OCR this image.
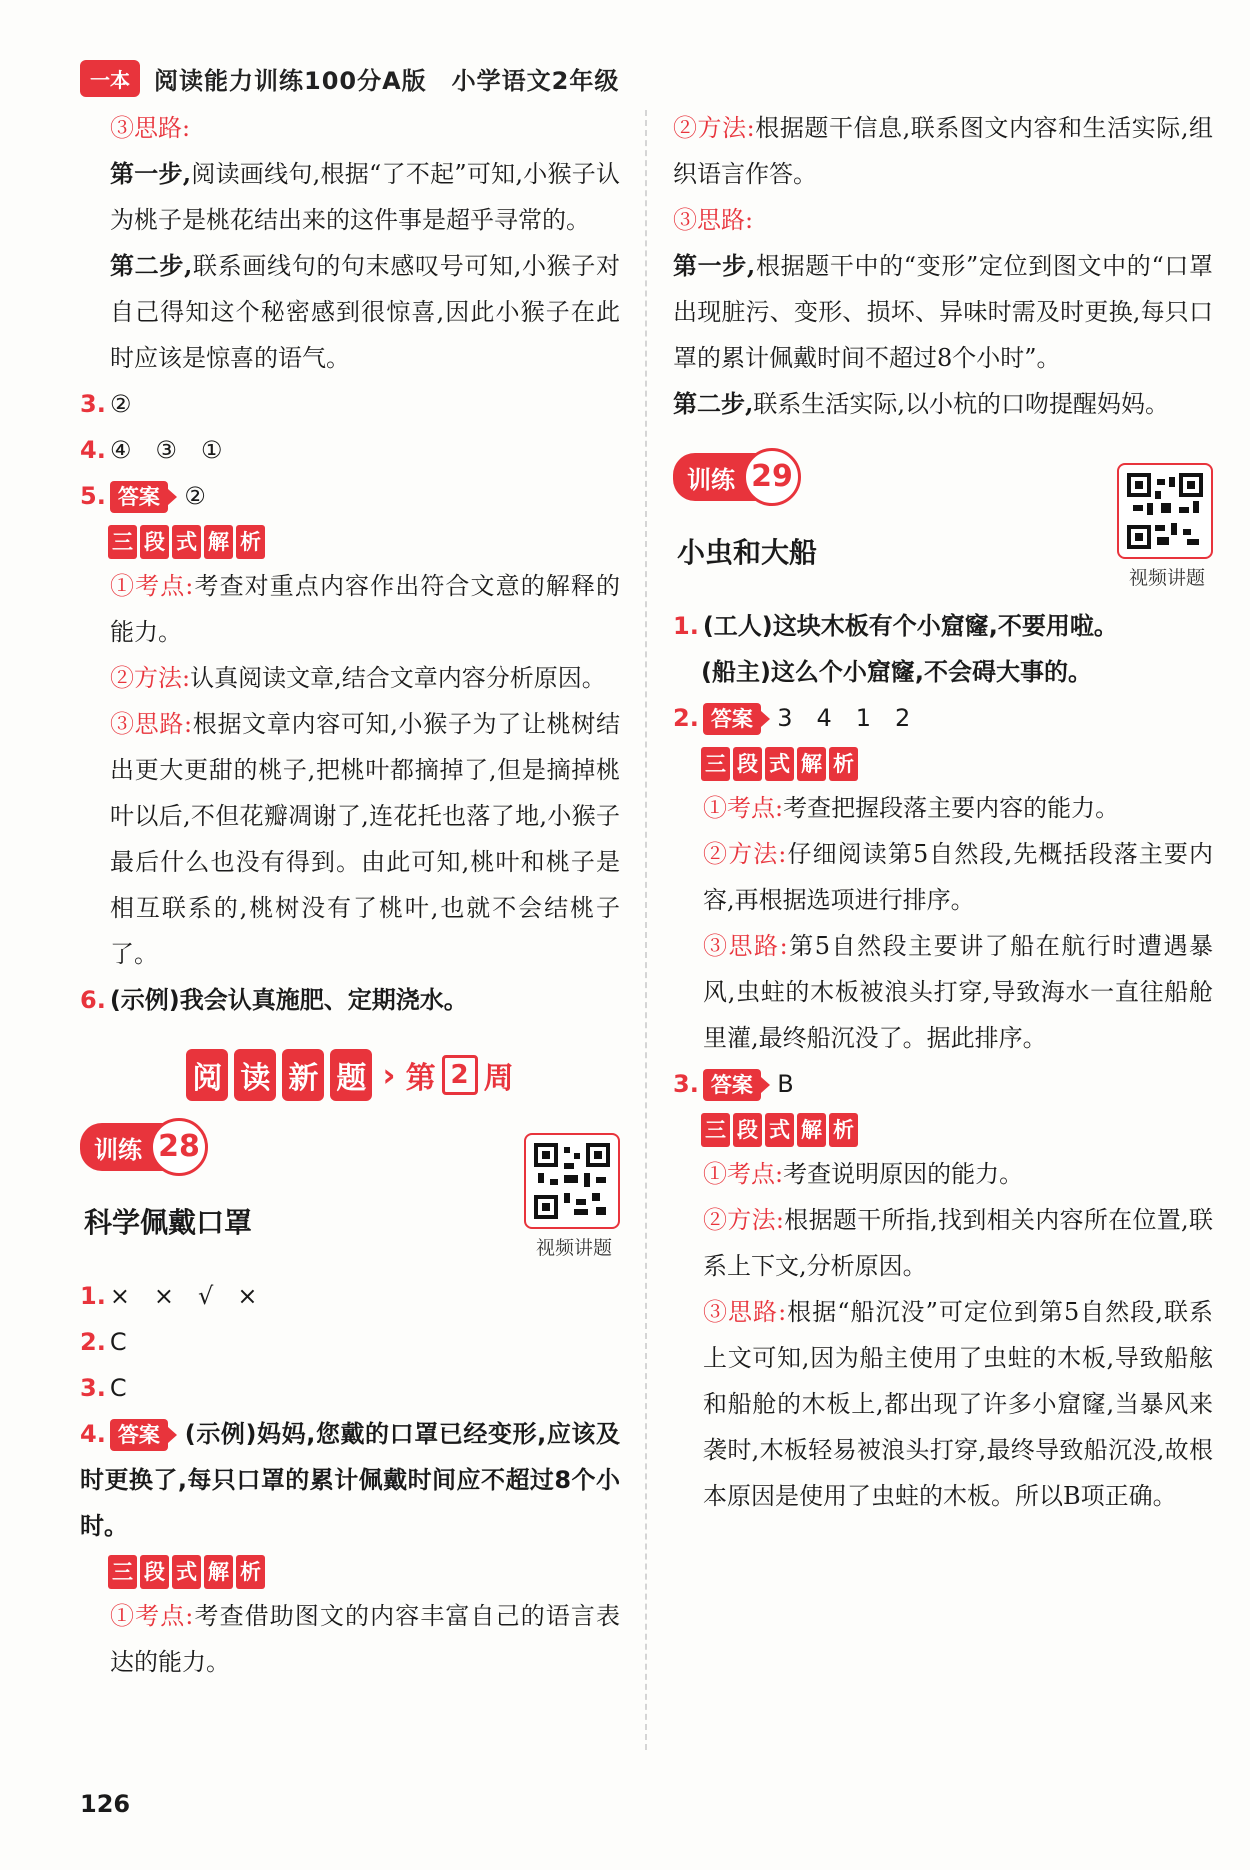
一本	阅读能力训练100分A版　小学语文2年级

③思路:

第一步,阅读画线句,根据“了不起”可知,小猴子认为桃子是桃花结出来的这件事是超乎寻常的。

第二步,联系画线句的句末感叹号可知,小猴子对自己得知这个秘密感到很惊喜,因此小猴子在此时应该是惊喜的语气。

3. ②

4. ④　③　①

5. 答案 ②

三 段 式 解 析

①考点:考查对重点内容作出符合文意的解释的能力。

②方法:认真阅读文章,结合文章内容分析原因。

③思路:根据文章内容可知,小猴子为了让桃树结出更大更甜的桃子,把桃叶都摘掉了,但是摘掉桃叶以后,不但花瓣凋谢了,连花托也落了地,小猴子最后什么也没有得到。由此可知,桃叶和桃子是相互联系的,桃树没有了桃叶,也就不会结桃子了。

6. (示例)我会认真施肥、定期浇水。

阅 读 新 题 › 第 2 周
训练 28
科学佩戴口罩
视频讲题

1. ×　×　√　×

2. C

3. C

4. 答案 (示例)妈妈,您戴的口罩已经变形,应该及时更换了,每只口罩的累计佩戴时间应不超过8个小时。

三 段 式 解 析

①考点:考查借助图文的内容丰富自己的语言表达的能力。

②方法:根据题干信息,联系图文内容和生活实际,组织语言作答。

③思路:

第一步,根据题干中的“变形”定位到图文中的“口罩出现脏污、变形、损坏、异味时需及时更换,每只口罩的累计佩戴时间不超过8个小时”。

第二步,联系生活实际,以小杭的口吻提醒妈妈。

训练 29
小虫和大船
视频讲题

1. (工人)这块木板有个小窟窿,不要用啦。

(船主)这么个小窟窿,不会碍大事的。

2. 答案 3　4　1　2

三 段 式 解 析

①考点:考查把握段落主要内容的能力。

②方法:仔细阅读第5自然段,先概括段落主要内容,再根据选项进行排序。

③思路:第5自然段主要讲了船在航行时遭遇暴风,虫蛀的木板被浪头打穿,导致海水一直往船舱里灌,最终船沉没了。据此排序。

3. 答案 B

三 段 式 解 析

①考点:考查说明原因的能力。

②方法:根据题干所指,找到相关内容所在位置,联系上下文,分析原因。

③思路:根据“船沉没”可定位到第5自然段,联系上文可知,因为船主使用了虫蛀的木板,导致船舷和船舱的木板上,都出现了许多小窟窿,当暴风来袭时,木板轻易被浪头打穿,最终导致船沉没,故根本原因是使用了虫蛀的木板。所以B项正确。

126
